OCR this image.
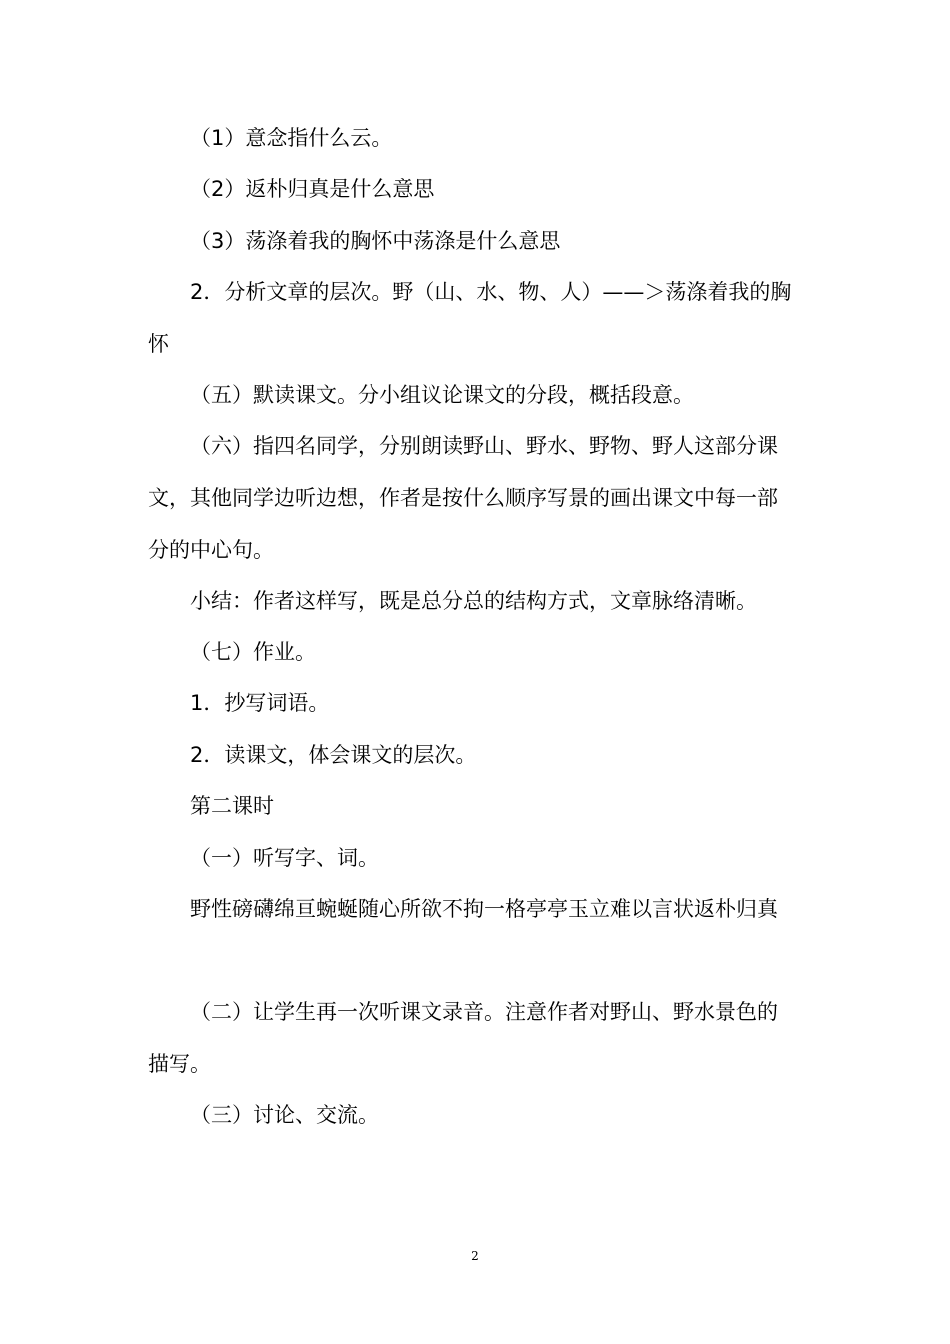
（1）意念指什么云。

（2）返朴归真是什么意思

（3）荡涤着我的胸怀中荡涤是什么意思

2．分析文章的层次。野（山、水、物、人）——＞荡涤着我的胸怀

（五）默读课文。分小组议论课文的分段，概括段意。

（六）指四名同学，分别朗读野山、野水、野物、野人这部分课文，其他同学边听边想，作者是按什么顺序写景的画出课文中每一部分的中心句。

小结：作者这样写，既是总分总的结构方式，文章脉络清晰。

（七）作业。

1．抄写词语。

2．读课文，体会课文的层次。

第二课时

（一）听写字、词。

野性磅礴绵亘蜿蜒随心所欲不拘一格亭亭玉立难以言状返朴归真

（二）让学生再一次听课文录音。注意作者对野山、野水景色的描写。

（三）讨论、交流。

2
